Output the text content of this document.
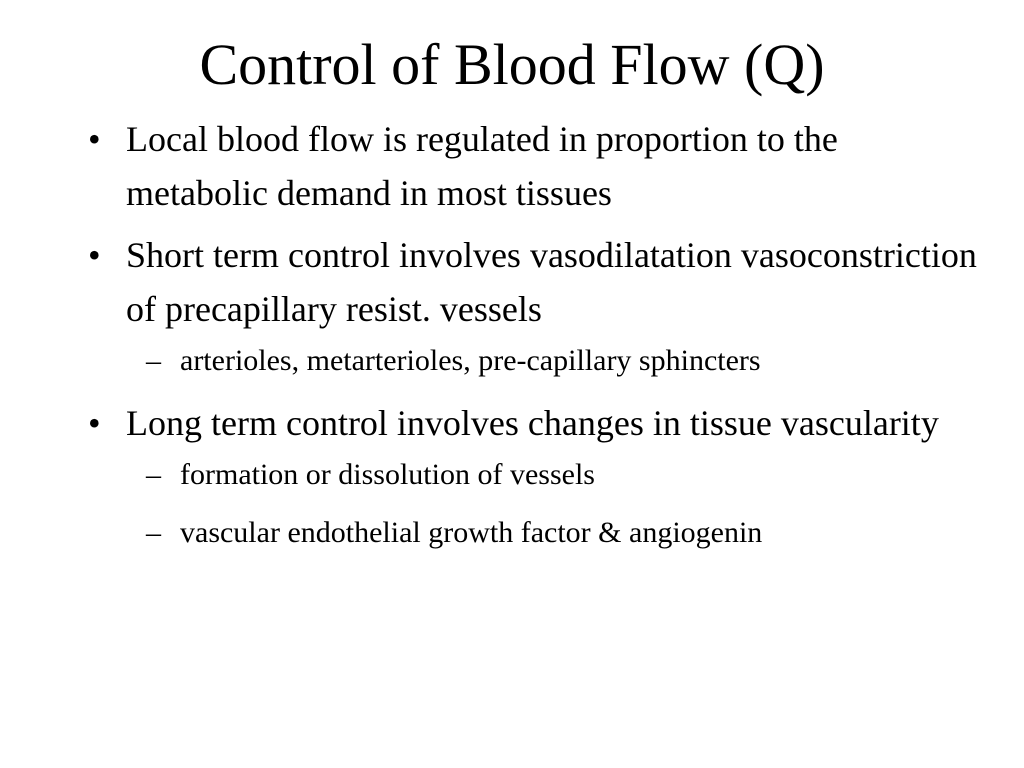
Control of Blood Flow (Q)
• Local blood flow is regulated in proportion to the metabolic demand in most tissues
• Short term control involves vasodilatation vasoconstriction of precapillary resist. vessels
– arterioles, metarterioles, pre-capillary sphincters
• Long term control involves changes in tissue vascularity
– formation or dissolution of vessels
– vascular endothelial growth factor & angiogenin
